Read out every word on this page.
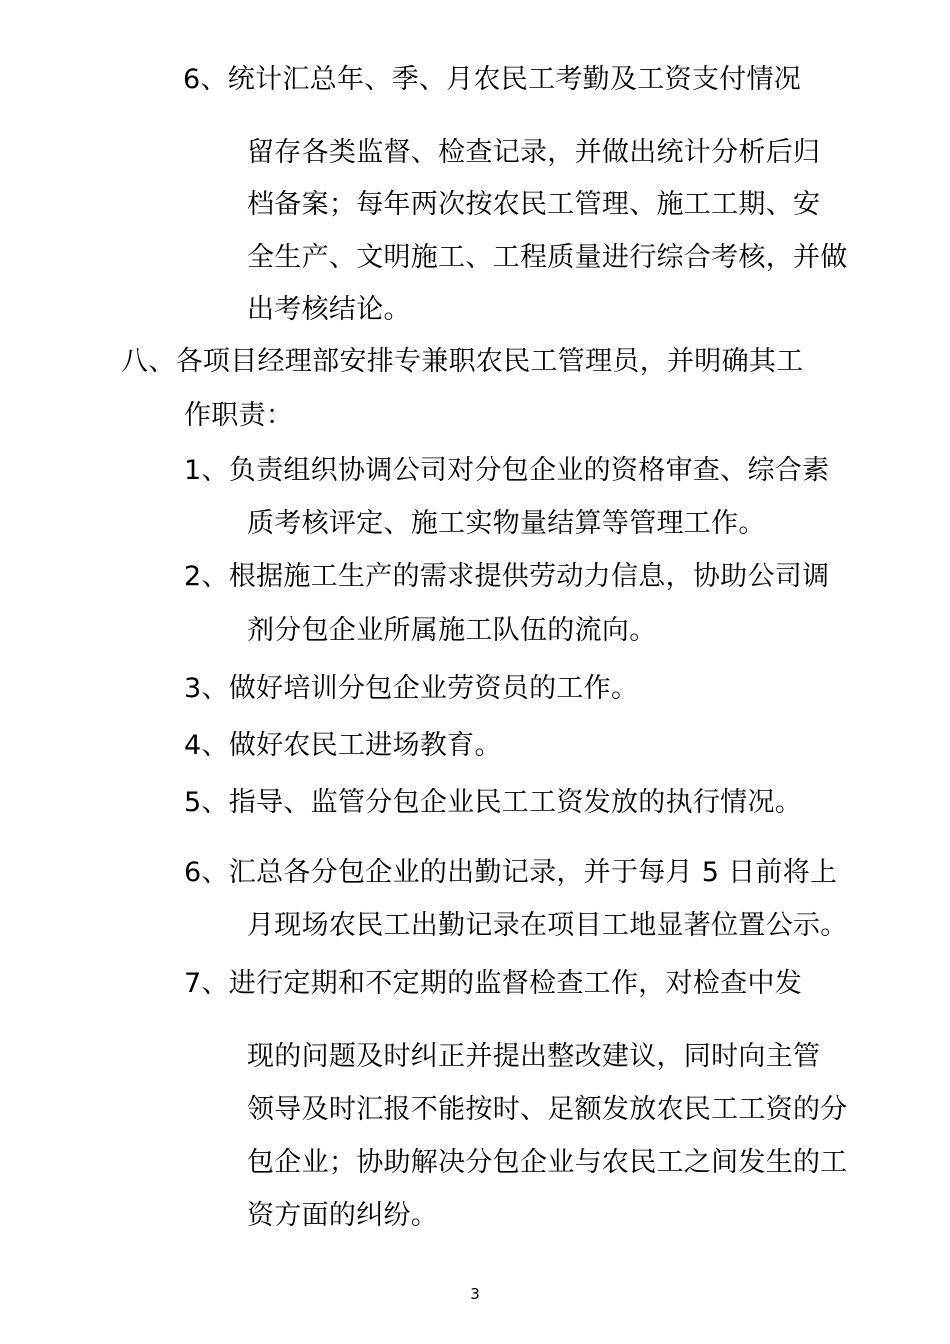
6、统计汇总年、季、月农民工考勤及工资支付情况
留存各类监督、检查记录，并做出统计分析后归
档备案；每年两次按农民工管理、施工工期、安
全生产、文明施工、工程质量进行综合考核，并做
出考核结论。
八、各项目经理部安排专兼职农民工管理员，并明确其工
作职责：
1、负责组织协调公司对分包企业的资格审查、综合素
质考核评定、施工实物量结算等管理工作。
2、根据施工生产的需求提供劳动力信息，协助公司调
剂分包企业所属施工队伍的流向。
3、做好培训分包企业劳资员的工作。
4、做好农民工进场教育。
5、指导、监管分包企业民工工资发放的执行情况。
6、汇总各分包企业的出勤记录，并于每月 5 日前将上
月现场农民工出勤记录在项目工地显著位置公示。
7、进行定期和不定期的监督检查工作，对检查中发
现的问题及时纠正并提出整改建议，同时向主管
领导及时汇报不能按时、足额发放农民工工资的分
包企业；协助解决分包企业与农民工之间发生的工
资方面的纠纷。
3
